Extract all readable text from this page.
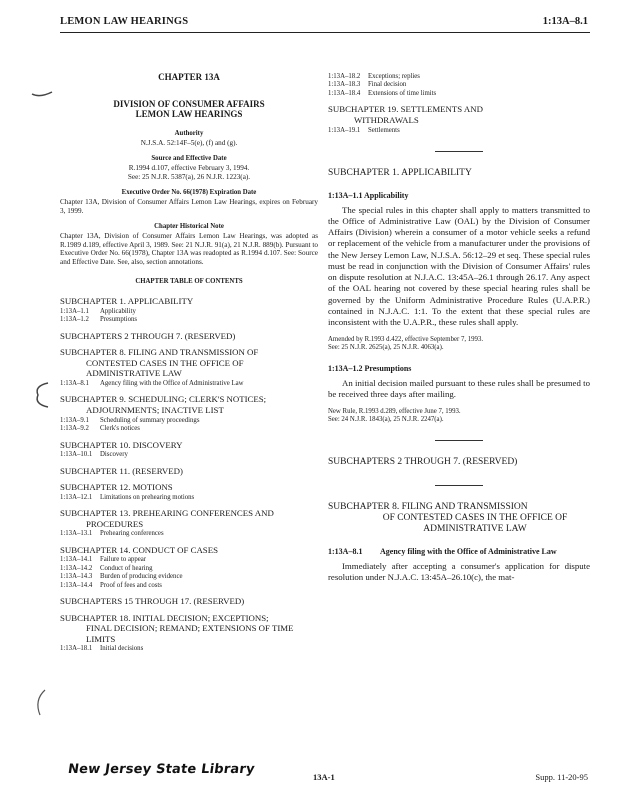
LEMON LAW HEARINGS	1:13A–8.1
CHAPTER 13A
DIVISION OF CONSUMER AFFAIRS
LEMON LAW HEARINGS
Authority
N.J.S.A. 52:14F–5(e), (f) and (g).
Source and Effective Date
R.1994 d.107, effective February 3, 1994.
See: 25 N.J.R. 5387(a), 26 N.J.R. 1223(a).
Executive Order No. 66(1978) Expiration Date
Chapter 13A, Division of Consumer Affairs Lemon Law Hearings, expires on February 3, 1999.
Chapter Historical Note
Chapter 13A, Division of Consumer Affairs Lemon Law Hearings, was adopted as R.1989 d.189, effective April 3, 1989. See: 21 N.J.R. 91(a), 21 N.J.R. 889(b). Pursuant to Executive Order No. 66(1978), Chapter 13A was readopted as R.1994 d.107. See: Source and Effective Date. See, also, section annotations.
CHAPTER TABLE OF CONTENTS
SUBCHAPTER 1. APPLICABILITY
1:13A–1.1	Applicability
1:13A–1.2	Presumptions
SUBCHAPTERS 2 THROUGH 7. (RESERVED)
SUBCHAPTER 8. FILING AND TRANSMISSION OF
CONTESTED CASES IN THE OFFICE OF ADMINISTRATIVE LAW
1:13A–8.1	Agency filing with the Office of Administrative Law
SUBCHAPTER 9. SCHEDULING; CLERK'S NOTICES;
ADJOURNMENTS; INACTIVE LIST
1:13A–9.1	Scheduling of summary proceedings
1:13A–9.2	Clerk's notices
SUBCHAPTER 10. DISCOVERY
1:13A–10.1	Discovery
SUBCHAPTER 11. (RESERVED)
SUBCHAPTER 12. MOTIONS
1:13A–12.1	Limitations on prehearing motions
SUBCHAPTER 13. PREHEARING CONFERENCES AND
PROCEDURES
1:13A–13.1	Prehearing conferences
SUBCHAPTER 14. CONDUCT OF CASES
1:13A–14.1	Failure to appear
1:13A–14.2	Conduct of hearing
1:13A–14.3	Burden of producing evidence
1:13A–14.4	Proof of fees and costs
SUBCHAPTERS 15 THROUGH 17. (RESERVED)
SUBCHAPTER 18. INITIAL DECISION; EXCEPTIONS;
FINAL DECISION; REMAND; EXTENSIONS OF TIME LIMITS
1:13A–18.1	Initial decisions
1:13A–18.2	Exceptions; replies
1:13A–18.3	Final decision
1:13A–18.4	Extensions of time limits
SUBCHAPTER 19. SETTLEMENTS AND
WITHDRAWALS
1:13A–19.1	Settlements
SUBCHAPTER 1. APPLICABILITY
1:13A–1.1 Applicability
The special rules in this chapter shall apply to matters transmitted to the Office of Administrative Law (OAL) by the Division of Consumer Affairs (Division) wherein a consumer of a motor vehicle seeks a refund or replacement of the vehicle from a manufacturer under the provisions of the New Jersey Lemon Law, N.J.S.A. 56:12–29 et seq. These special rules must be read in conjunction with the Division of Consumer Affairs' rules on dispute resolution at N.J.A.C. 13:45A–26.1 through 26.17. Any aspect of the OAL hearing not covered by these special hearing rules shall be governed by the Uniform Administrative Procedure Rules (U.A.P.R.) contained in N.J.A.C. 1:1. To the extent that these special rules are inconsistent with the U.A.P.R., these rules shall apply.
Amended by R.1993 d.422, effective September 7, 1993.
See: 25 N.J.R. 2625(a), 25 N.J.R. 4063(a).
1:13A–1.2 Presumptions
An initial decision mailed pursuant to these rules shall be presumed to be received three days after mailing.
New Rule, R.1993 d.289, effective June 7, 1993.
See: 24 N.J.R. 1843(a), 25 N.J.R. 2247(a).
SUBCHAPTERS 2 THROUGH 7. (RESERVED)
SUBCHAPTER 8. FILING AND TRANSMISSION
OF CONTESTED CASES IN THE OFFICE OF ADMINISTRATIVE LAW
1:13A–8.1	Agency filing with the Office of Administrative Law
Immediately after accepting a consumer's application for dispute resolution under N.J.A.C. 13:45A–26.10(c), the mat-
13A-1	Supp. 11-20-95
New Jersey State Library
